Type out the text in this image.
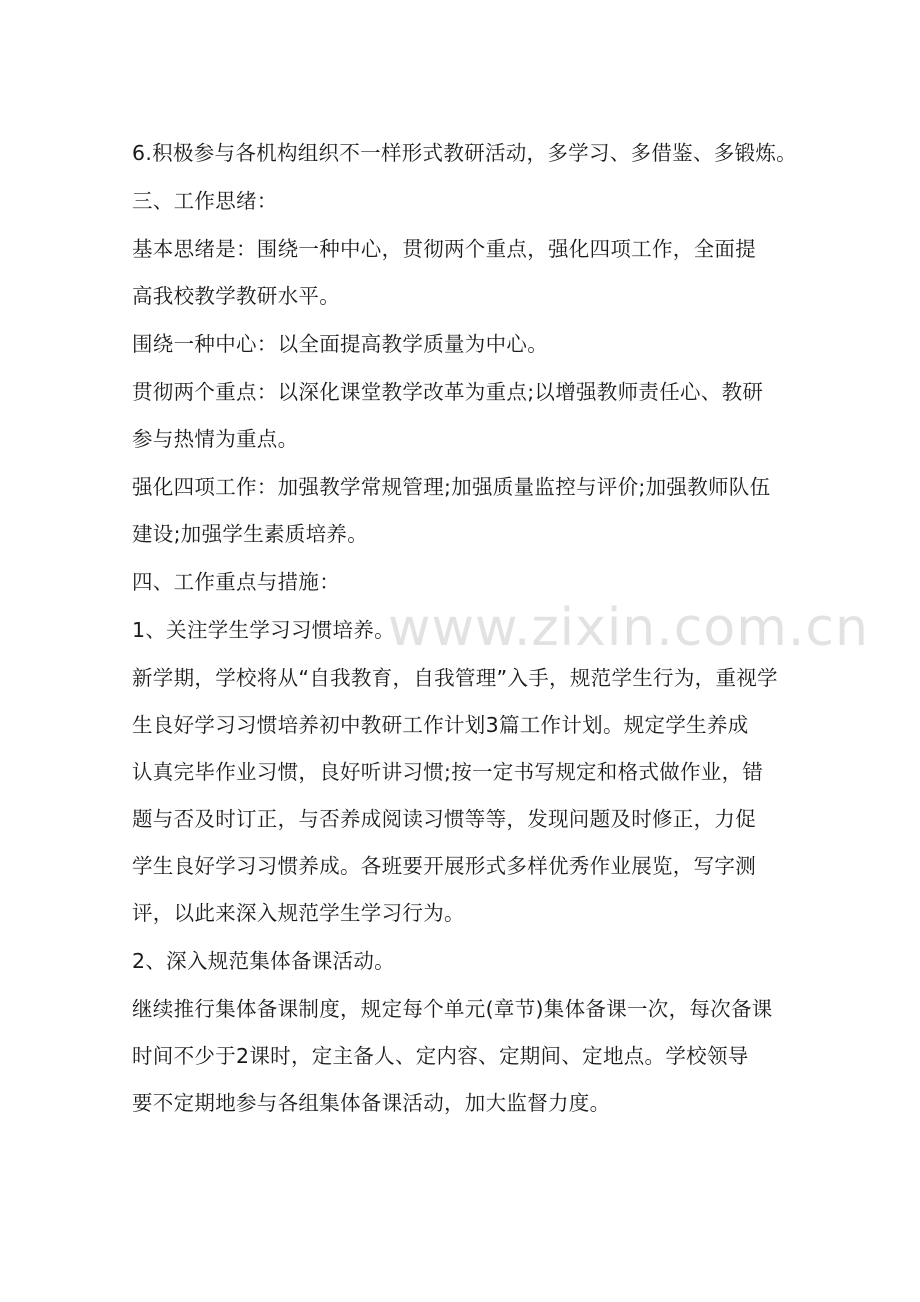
6.积极参与各机构组织不一样形式教研活动，多学习、多借鉴、多锻炼。
三、工作思绪：
基本思绪是：围绕一种中心，贯彻两个重点，强化四项工作，全面提
高我校教学教研水平。
围绕一种中心：以全面提高教学质量为中心。
贯彻两个重点：以深化课堂教学改革为重点;以增强教师责任心、教研
参与热情为重点。
强化四项工作：加强教学常规管理;加强质量监控与评价;加强教师队伍
建设;加强学生素质培养。
四、工作重点与措施：
1、关注学生学习习惯培养。
新学期，学校将从“自我教育，自我管理”入手，规范学生行为，重视学
生良好学习习惯培养初中教研工作计划3篇工作计划。规定学生养成
认真完毕作业习惯，良好听讲习惯;按一定书写规定和格式做作业，错
题与否及时订正，与否养成阅读习惯等等，发现问题及时修正，力促
学生良好学习习惯养成。各班要开展形式多样优秀作业展览，写字测
评，以此来深入规范学生学习行为。
2、深入规范集体备课活动。
继续推行集体备课制度，规定每个单元(章节)集体备课一次，每次备课
时间不少于2课时，定主备人、定内容、定期间、定地点。学校领导
要不定期地参与各组集体备课活动，加大监督力度。
www.zixin.com.cn
